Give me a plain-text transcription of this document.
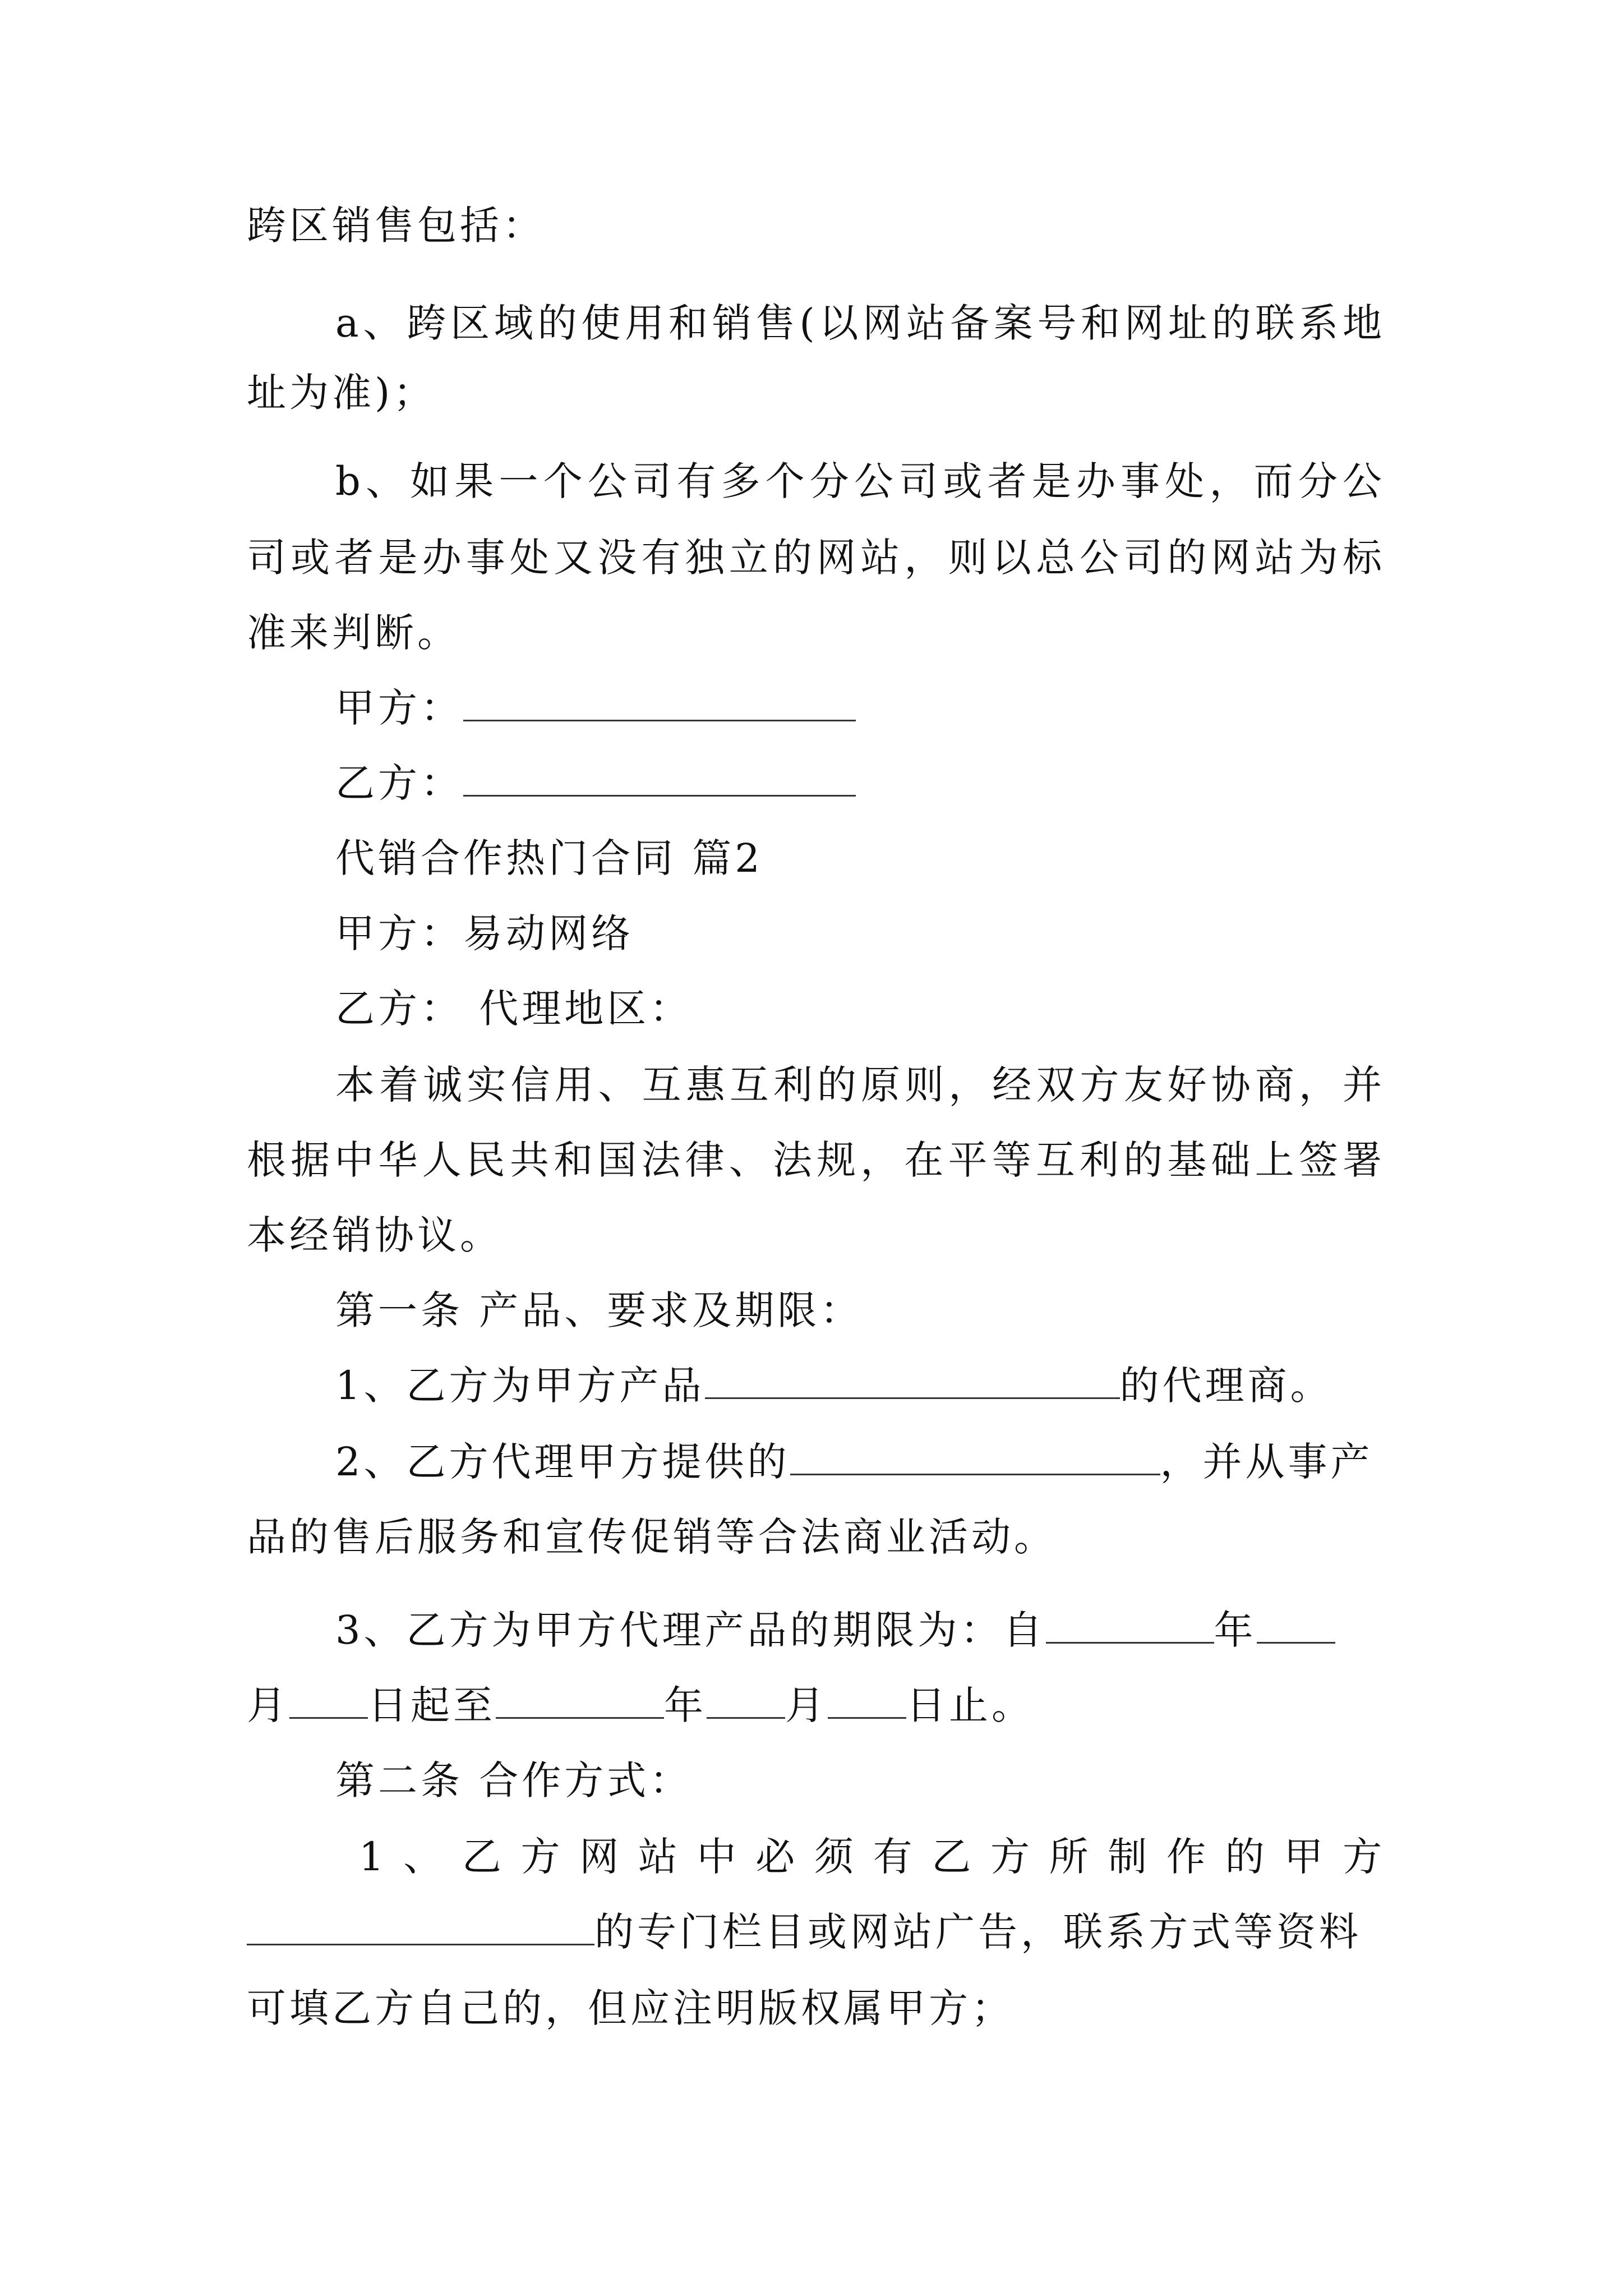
跨区销售包括：
a、跨区域的使用和销售(以网站备案号和网址的联系地
址为准)；
b、如果一个公司有多个分公司或者是办事处，而分公
司或者是办事处又没有独立的网站，则以总公司的网站为标
准来判断。
甲方：
乙方：
代销合作热门合同 篇2
甲方：易动网络
乙方： 代理地区：
本着诚实信用、互惠互利的原则，经双方友好协商，并
根据中华人民共和国法律、法规，在平等互利的基础上签署
本经销协议。
第一条 产品、要求及期限：
1、乙方为甲方产品	的代理商。
2、乙方代理甲方提供的	，并从事产
品的售后服务和宣传促销等合法商业活动。
3、乙方为甲方代理产品的期限为：自	年
月 日起至	年 月 日止。
第二条 合作方式：
1、乙方网站中必须有乙方所制作的甲方
的专门栏目或网站广告，联系方式等资料
可填乙方自己的，但应注明版权属甲方；
